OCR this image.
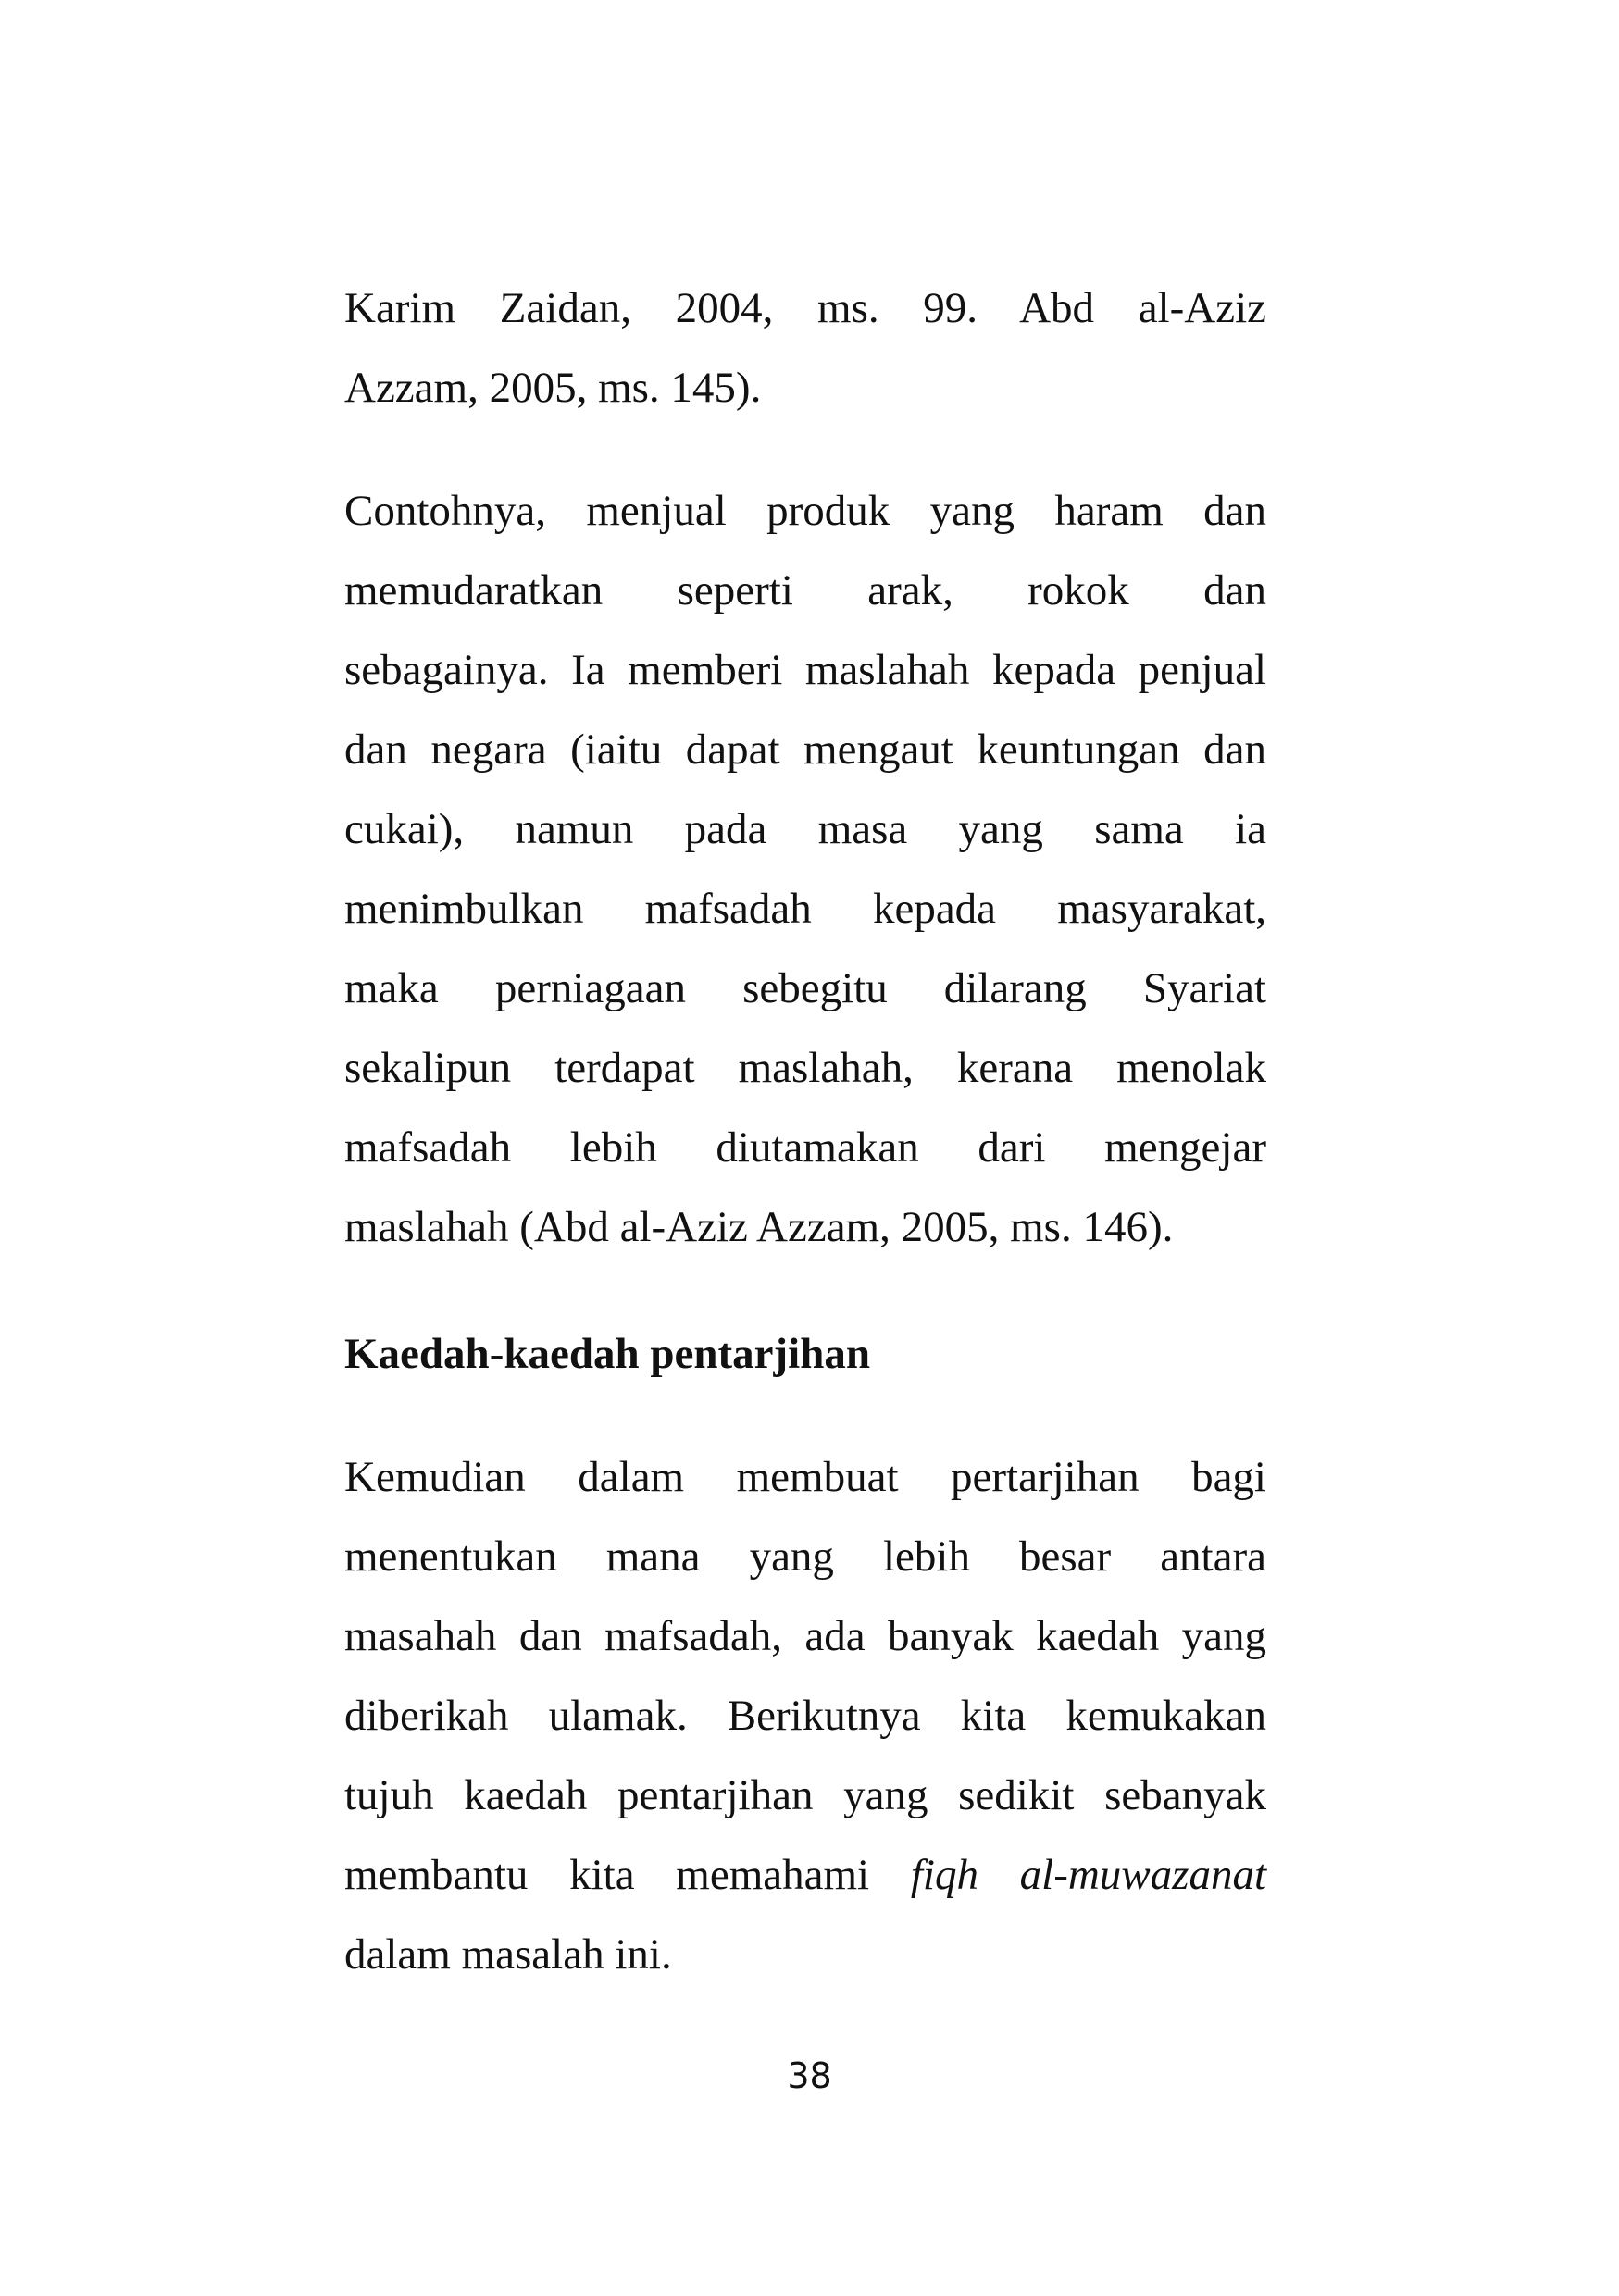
Karim Zaidan, 2004, ms. 99. Abd al-Aziz
Azzam, 2005, ms. 145).
Contohnya, menjual produk yang haram dan
memudaratkan seperti arak, rokok dan
sebagainya. Ia memberi maslahah kepada penjual
dan negara (iaitu dapat mengaut keuntungan dan
cukai), namun pada masa yang sama ia
menimbulkan mafsadah kepada masyarakat,
maka perniagaan sebegitu dilarang Syariat
sekalipun terdapat maslahah, kerana menolak
mafsadah lebih diutamakan dari mengejar
maslahah (Abd al-Aziz Azzam, 2005, ms. 146).
Kaedah-kaedah pentarjihan
Kemudian dalam membuat pertarjihan bagi
menentukan mana yang lebih besar antara
masahah dan mafsadah, ada banyak kaedah yang
diberikah ulamak. Berikutnya kita kemukakan
tujuh kaedah pentarjihan yang sedikit sebanyak
membantu kita memahami fiqh al-muwazanat
dalam masalah ini.
38
